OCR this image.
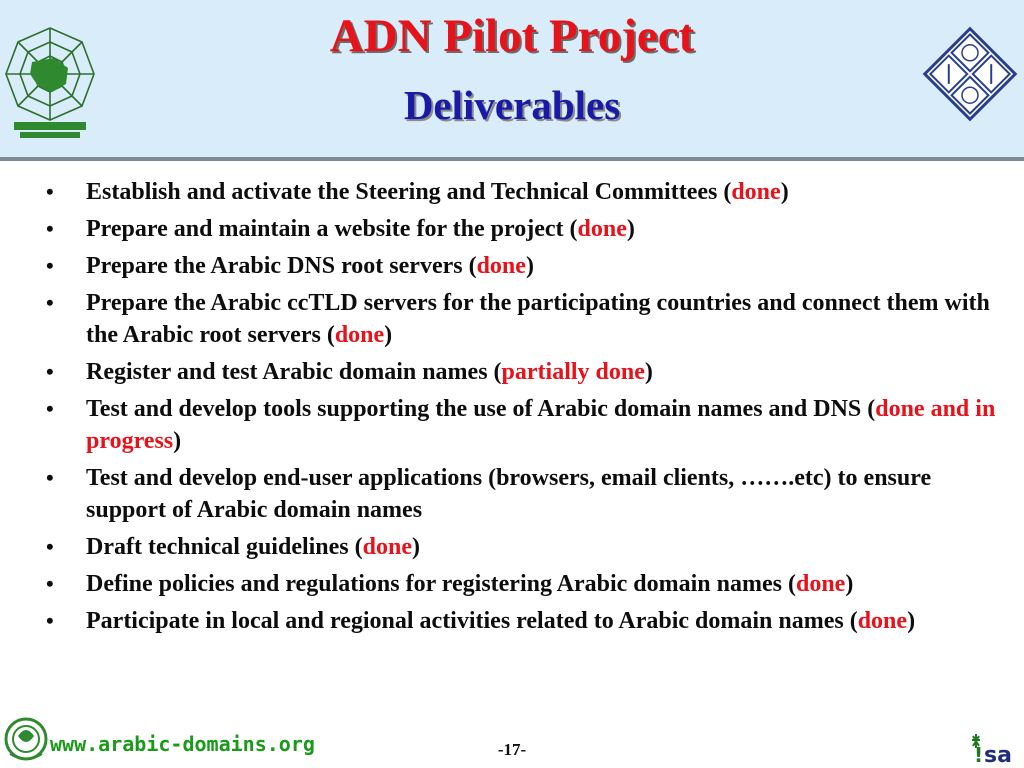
ADN Pilot Project
Deliverables
• Establish and activate the Steering and Technical Committees (done)
• Prepare and maintain a website for the project (done)
• Prepare the Arabic DNS root servers (done)
• Prepare the Arabic ccTLD servers for the participating countries and connect them with the Arabic root servers (done)
• Register and test Arabic domain names (partially done)
• Test and develop tools supporting the use of Arabic domain names and DNS (done and in progress)
• Test and develop end-user applications (browsers, email clients, …….etc) to ensure support of Arabic domain names
• Draft technical guidelines (done)
• Define policies and regulations for registering Arabic domain names (done)
• Participate in local and regional activities related to Arabic domain names (done)
www.arabic-domains.org	-17-	! sa
